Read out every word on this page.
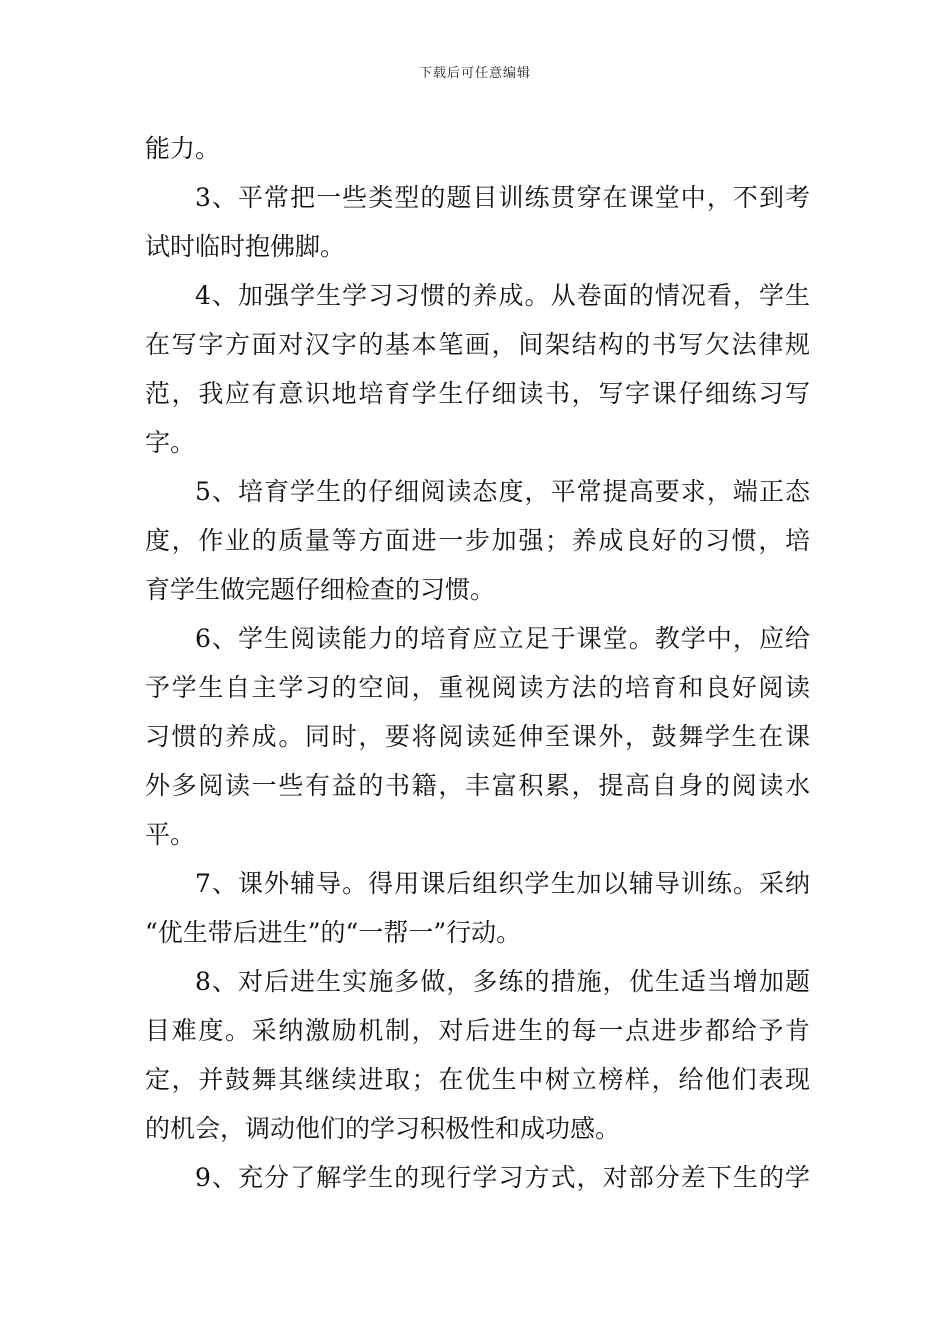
下载后可任意编辑
能力。
3、平常把一些类型的题目训练贯穿在课堂中，不到考
试时临时抱佛脚。
4、加强学生学习习惯的养成。从卷面的情况看，学生
在写字方面对汉字的基本笔画，间架结构的书写欠法律规
范，我应有意识地培育学生仔细读书，写字课仔细练习写
字。
5、培育学生的仔细阅读态度，平常提高要求，端正态
度，作业的质量等方面进一步加强；养成良好的习惯，培
育学生做完题仔细检查的习惯。
6、学生阅读能力的培育应立足于课堂。教学中，应给
予学生自主学习的空间，重视阅读方法的培育和良好阅读
习惯的养成。同时，要将阅读延伸至课外，鼓舞学生在课
外多阅读一些有益的书籍，丰富积累，提高自身的阅读水
平。
7、课外辅导。得用课后组织学生加以辅导训练。采纳
“优生带后进生”的“一帮一”行动。
8、对后进生实施多做，多练的措施，优生适当增加题
目难度。采纳激励机制，对后进生的每一点进步都给予肯
定，并鼓舞其继续进取；在优生中树立榜样，给他们表现
的机会，调动他们的学习积极性和成功感。
9、充分了解学生的现行学习方式，对部分差下生的学
